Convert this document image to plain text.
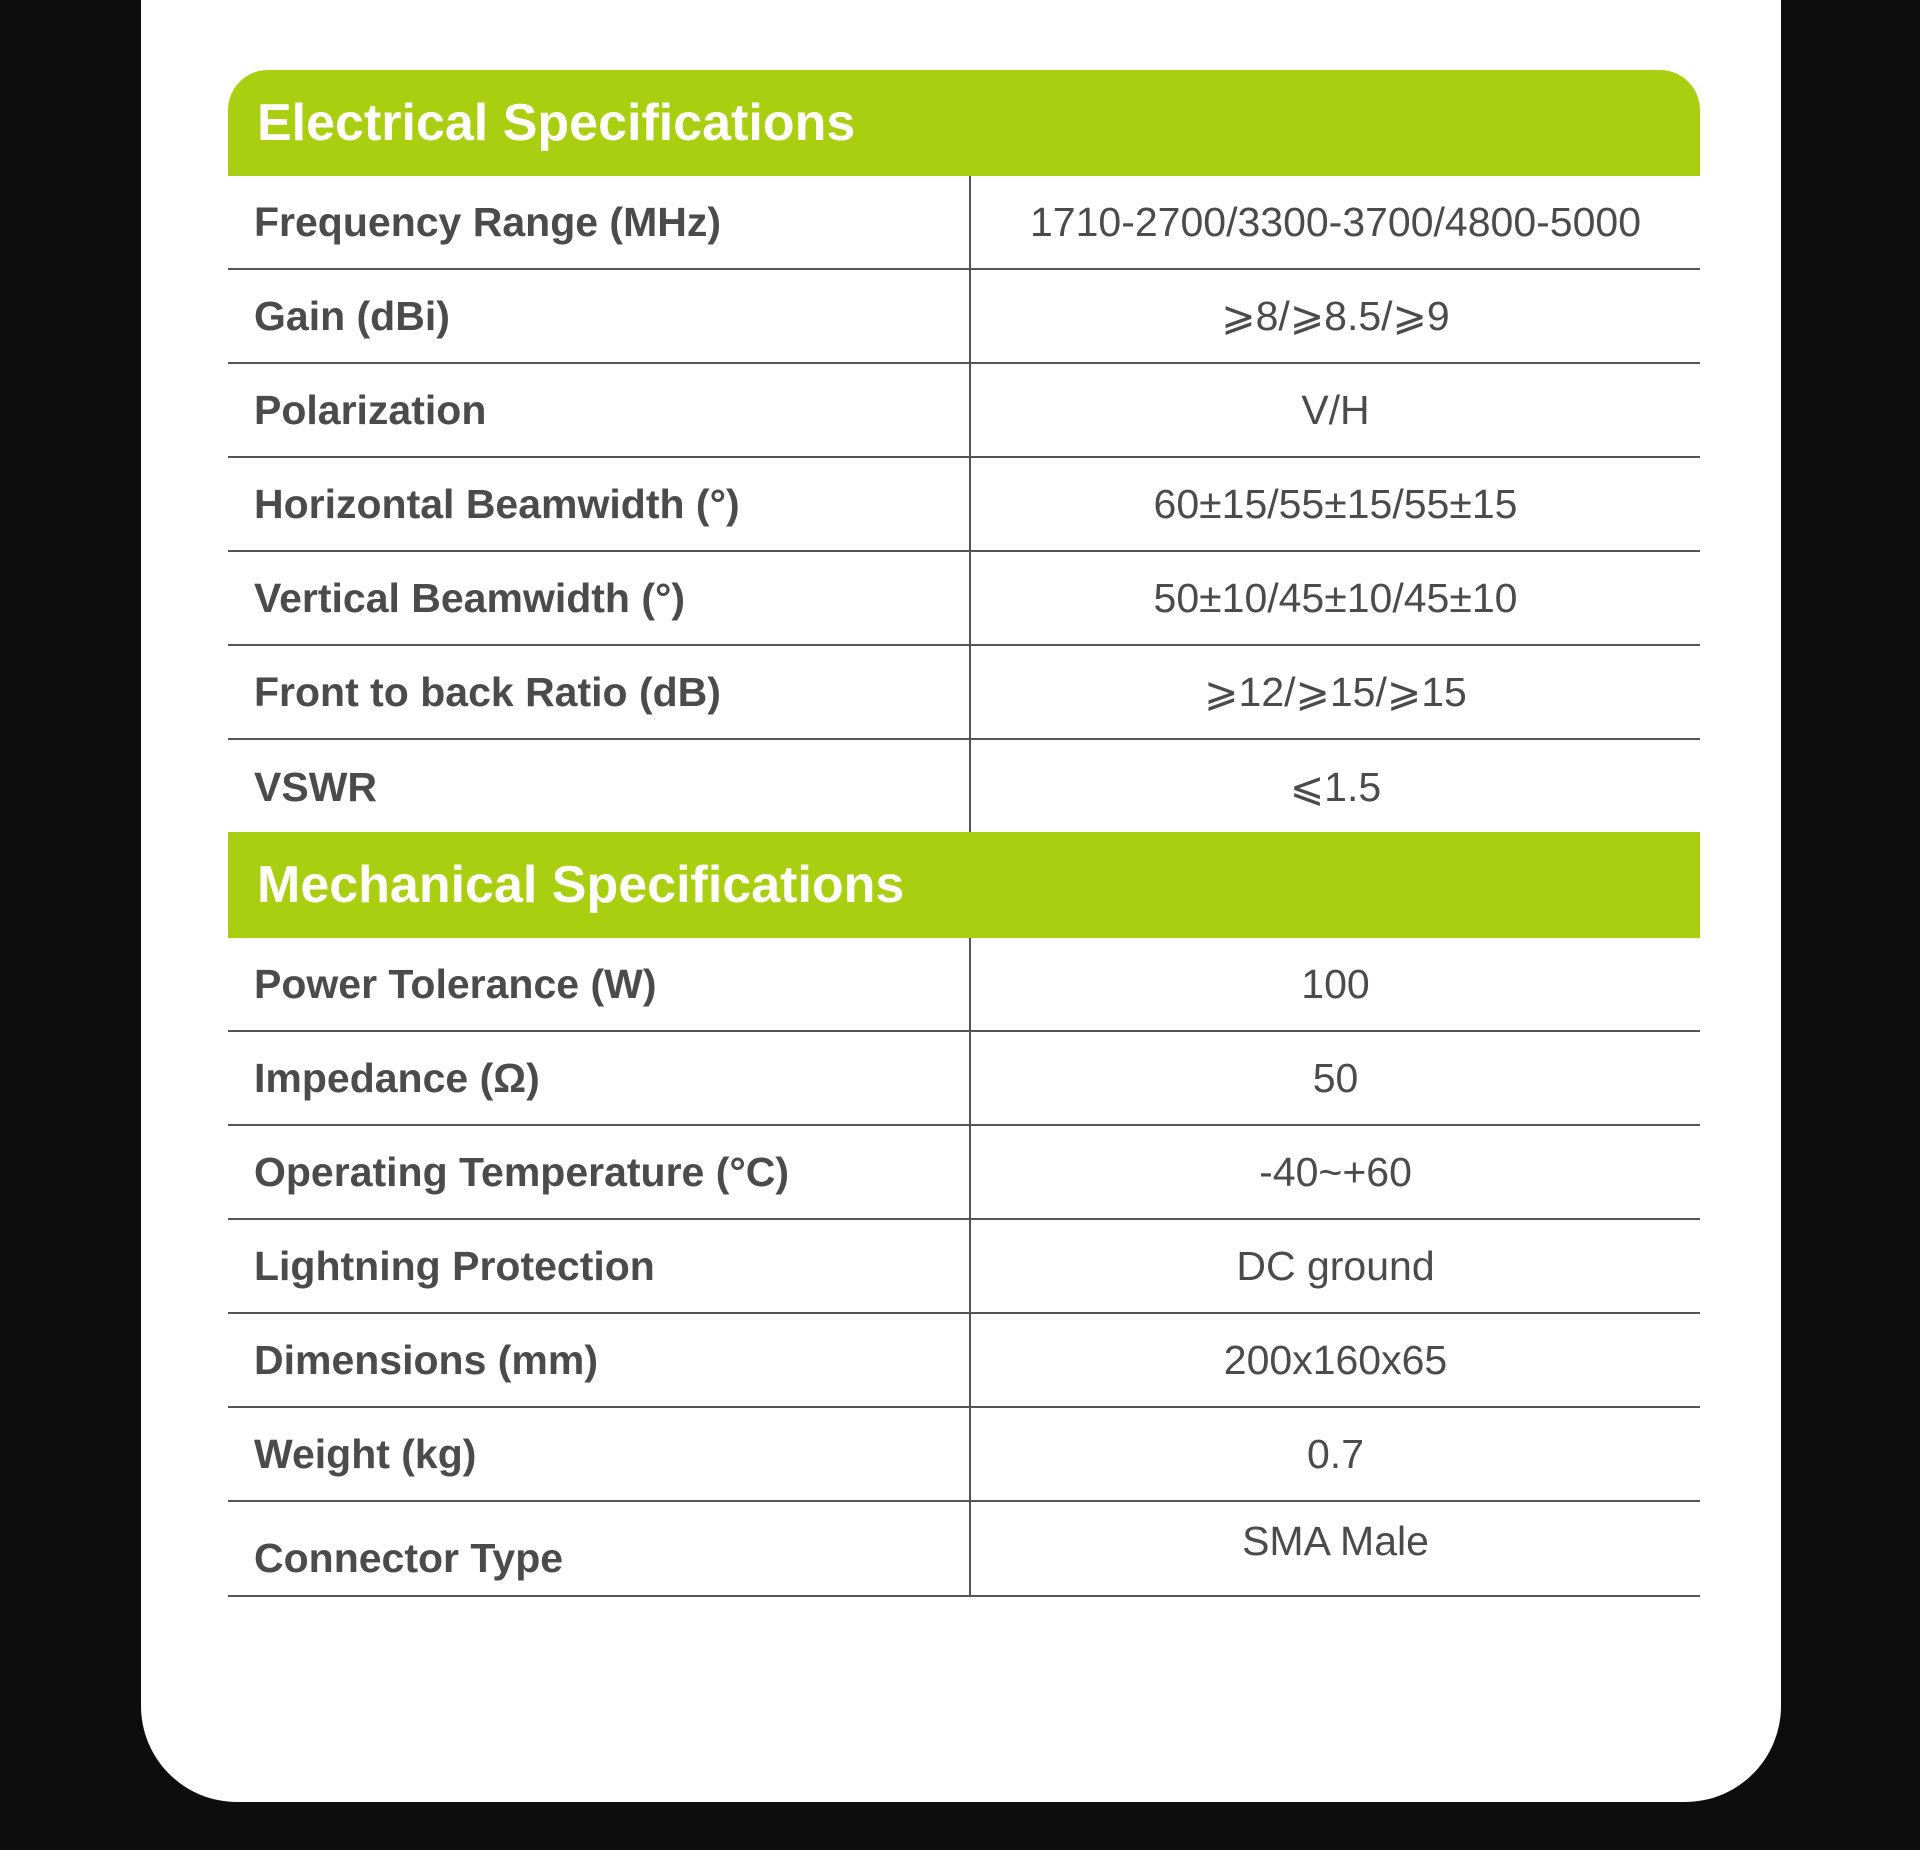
Electrical Specifications
Frequency Range (MHz)	1710-2700/3300-3700/4800-5000
Gain (dBi)	⩾8/⩾8.5/⩾9
Polarization	V/H
Horizontal Beamwidth (°)	60±15/55±15/55±15
Vertical Beamwidth (°)	50±10/45±10/45±10
Front to back Ratio (dB)	⩾12/⩾15/⩾15
VSWR	⩽1.5
Mechanical Specifications
Power Tolerance (W)	100
Impedance (Ω)	50
Operating Temperature (°C)	-40~+60
Lightning Protection	DC ground
Dimensions (mm)	200x160x65
Weight (kg)	0.7
Connector Type	SMA Male
